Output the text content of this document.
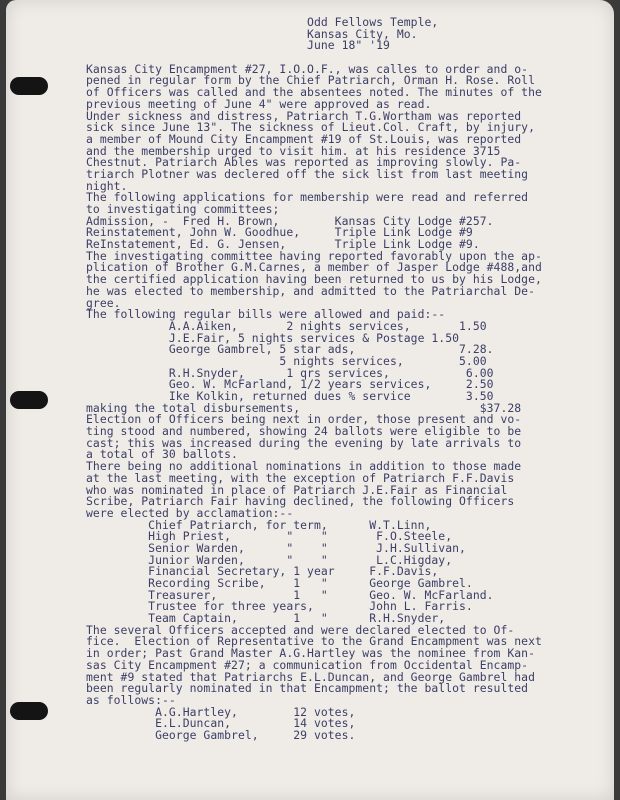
Odd Fellows Temple,
Kansas City, Mo.
June 18" '19
Kansas City Encampment #27, I.O.O.F., was calles to order and o-
pened in regular form by the Chief Patriarch, Orman H. Rose. Roll
of Officers was called and the absentees noted. The minutes of the
previous meeting of June 4" were approved as read.
Under sickness and distress, Patriarch T.G.Wortham was reported
sick since June 13". The sickness of Lieut.Col. Craft, by injury,
a member of Mound City Encampment #19 of St.Louis, was reported
and the membership urged to visit him. at his residence 3715
Chestnut. Patriarch Ables was reported as improving slowly. Pa-
triarch Plotner was declered off the sick list from last meeting
night.
The following applications for membership were read and referred
to investigating committees;
Admission, -  Fred H. Brown,        Kansas City Lodge #257.
Reinstatement, John W. Goodhue,     Triple Link Lodge #9
ReInstatement, Ed. G. Jensen,       Triple Link Lodge #9.
The investigating committee having reported favorably upon the ap-
plication of Brother G.M.Carnes, a member of Jasper Lodge #488,and
the certified application having been returned to us by his Lodge,
he was elected to membership, and admitted to the Patriarchal De-
gree.
The following regular bills were allowed and paid:--
A.A.Aiken,       2 nights services,       1.50
J.E.Fair, 5 nights services & Postage 1.50
George Gambrel, 5 star ads,               7.28.
5 nights services,        5.00
R.H.Snyder,      1 qrs services,           6.00
Geo. W. McFarland, 1/2 years services,     2.50
Ike Kolkin, returned dues % service        3.50
making the total disbursements,                          $37.28
Election of Officers being next in order, those present and vo-
ting stood and numbered, showing 24 ballots were eligible to be
cast; this was increased during the evening by late arrivals to
a total of 30 ballots.
There being no additional nominations in addition to those made
at the last meeting, with the exception of Patriarch F.F.Davis
who was nominated in place of Patriarch J.E.Fair as Financial
Scribe, Patriarch Fair having declined, the following Officers
were elected by acclamation:--
Chief Patriarch, for term,      W.T.Linn,
High Priest,        "    "       F.O.Steele,
Senior Warden,      "    "       J.H.Sullivan,
Junior Warden,      "    "       L.C.Higday,
Financial Secretary, 1 year     F.F.Davis,
Recording Scribe,    1   "      George Gambrel.
Treasurer,           1   "      Geo. W. McFarland.
Trustee for three years,        John L. Farris.
Team Captain,        1   "      R.H.Snyder,
The several Officers accepted and were declared elected to Of-
fice.  Election of Representative to the Grand Encampment was next
in order; Past Grand Master A.G.Hartley was the nominee from Kan-
sas City Encampment #27; a communication from Occidental Encamp-
ment #9 stated that Patriarchs E.L.Duncan, and George Gambrel had
been regularly nominated in that Encampment; the ballot resulted
as follows:--
A.G.Hartley,        12 votes,
E.L.Duncan,         14 votes,
George Gambrel,     29 votes.
